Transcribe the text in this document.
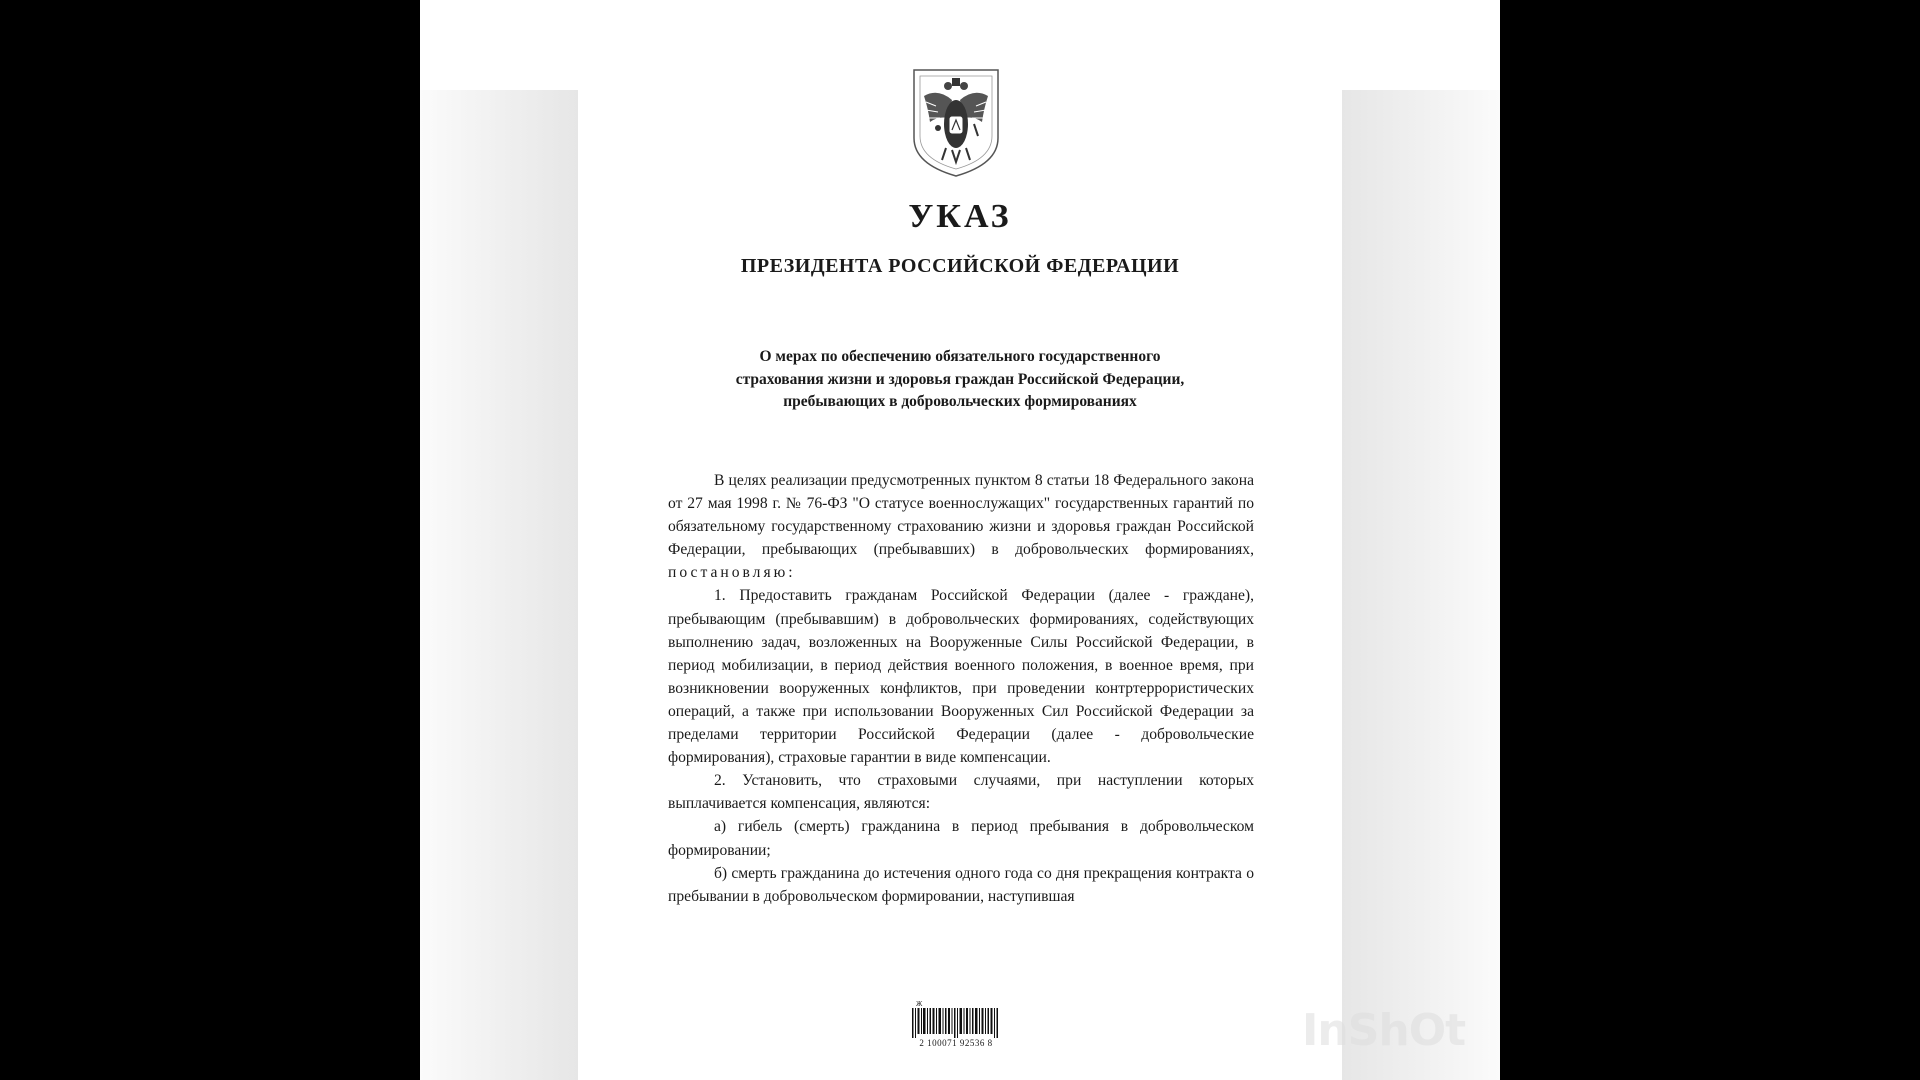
УКАЗ
ПРЕЗИДЕНТА РОССИЙСКОЙ ФЕДЕРАЦИИ
О мерах по обеспечению обязательного государственного
страхования жизни и здоровья граждан Российской Федерации,
пребывающих в добровольческих формированиях

В целях реализации предусмотренных пунктом 8 статьи 18 Федерального закона от 27 мая 1998 г. № 76-ФЗ "О статусе военнослужащих" государственных гарантий по обязательному государственному страхованию жизни и здоровья граждан Российской Федерации, пребывающих (пребывавших) в добровольческих формированиях, постановляю:

1. Предоставить гражданам Российской Федерации (далее - граждане), пребывающим (пребывавшим) в добровольческих формированиях, содействующих выполнению задач, возложенных на Вооруженные Силы Российской Федерации, в период мобилизации, в период действия военного положения, в военное время, при возникновении вооруженных конфликтов, при проведении контртеррористических операций, а также при использовании Вооруженных Сил Российской Федерации за пределами территории Российской Федерации (далее - добровольческие формирования), страховые гарантии в виде компенсации.

2. Установить, что страховыми случаями, при наступлении которых выплачивается компенсация, являются:

а) гибель (смерть) гражданина в период пребывания в добровольческом формировании;

б) смерть гражданина до истечения одного года со дня прекращения контракта о пребывании в добровольческом формировании, наступившая

Ж
2 100071 92536 8	InShOt
